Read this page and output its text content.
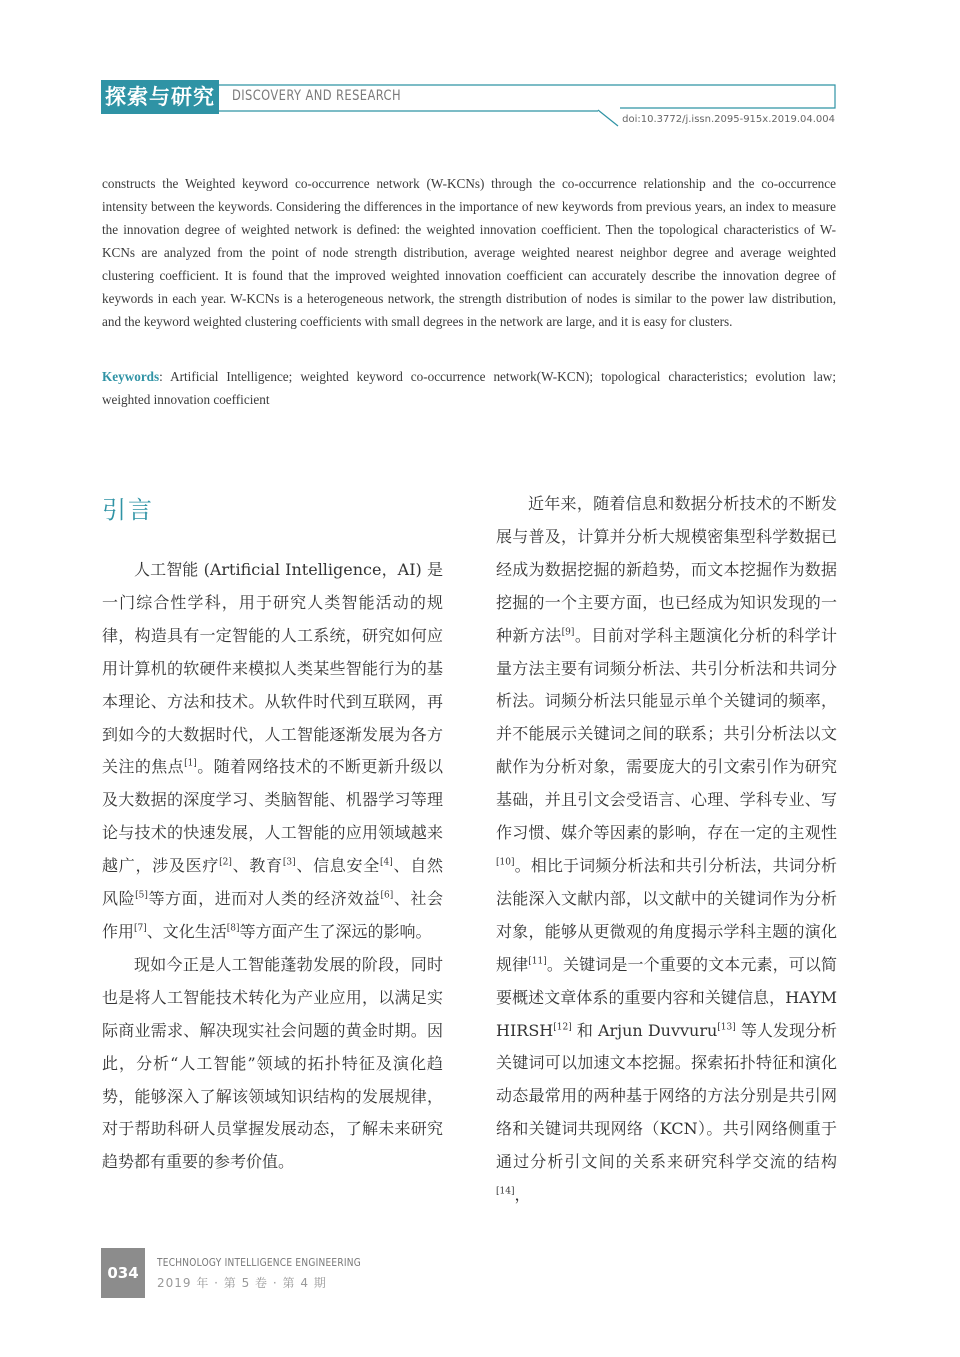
探索与研究 DISCOVERY AND RESEARCH
doi:10.3772/j.issn.2095-915x.2019.04.004
constructs the Weighted keyword co-occurrence network (W-KCNs) through the co-occurrence relationship and the co-occurrence intensity between the keywords. Considering the differences in the importance of new keywords from previous years, an index to measure the innovation degree of weighted network is defined: the weighted innovation coefficient. Then the topological characteristics of W-KCNs are analyzed from the point of node strength distribution, average weighted nearest neighbor degree and average weighted clustering coefficient. It is found that the improved weighted innovation coefficient can accurately describe the innovation degree of keywords in each year. W-KCNs is a heterogeneous network, the strength distribution of nodes is similar to the power law distribution, and the keyword weighted clustering coefficients with small degrees in the network are large, and it is easy for clusters.
Keywords: Artificial Intelligence; weighted keyword co-occurrence network(W-KCN); topological characteristics; evolution law; weighted innovation coefficient
引言

人工智能 (Artificial Intelligence，AI) 是一门综合性学科，用于研究人类智能活动的规律，构造具有一定智能的人工系统，研究如何应用计算机的软硬件来模拟人类某些智能行为的基本理论、方法和技术。从软件时代到互联网，再到如今的大数据时代，人工智能逐渐发展为各方关注的焦点[1]。随着网络技术的不断更新升级以及大数据的深度学习、类脑智能、机器学习等理论与技术的快速发展，人工智能的应用领域越来越广，涉及医疗[2]、教育[3]、信息安全[4]、自然风险[5]等方面，进而对人类的经济效益[6]、社会作用[7]、文化生活[8]等方面产生了深远的影响。

现如今正是人工智能蓬勃发展的阶段，同时也是将人工智能技术转化为产业应用，以满足实际商业需求、解决现实社会问题的黄金时期。因此，分析“人工智能”领域的拓扑特征及演化趋势，能够深入了解该领域知识结构的发展规律，对于帮助科研人员掌握发展动态，了解未来研究趋势都有重要的参考价值。

近年来，随着信息和数据分析技术的不断发展与普及，计算并分析大规模密集型科学数据已经成为数据挖掘的新趋势，而文本挖掘作为数据挖掘的一个主要方面，也已经成为知识发现的一种新方法[9]。目前对学科主题演化分析的科学计量方法主要有词频分析法、共引分析法和共词分析法。词频分析法只能显示单个关键词的频率，并不能展示关键词之间的联系；共引分析法以文献作为分析对象，需要庞大的引文索引作为研究基础，并且引文会受语言、心理、学科专业、写作习惯、媒介等因素的影响，存在一定的主观性[10]。相比于词频分析法和共引分析法，共词分析法能深入文献内部，以文献中的关键词作为分析对象，能够从更微观的角度揭示学科主题的演化规律[11]。关键词是一个重要的文本元素，可以简要概述文章体系的重要内容和关键信息，HAYM HIRSH[12] 和 Arjun Duvvuru[13] 等人发现分析关键词可以加速文本挖掘。探索拓扑特征和演化动态最常用的两种基于网络的方法分别是共引网络和关键词共现网络（KCN）。共引网络侧重于通过分析引文间的关系来研究科学交流的结构[14]，

034
TECHNOLOGY INTELLIGENCE ENGINEERING
2019 年 · 第 5 卷 · 第 4 期
